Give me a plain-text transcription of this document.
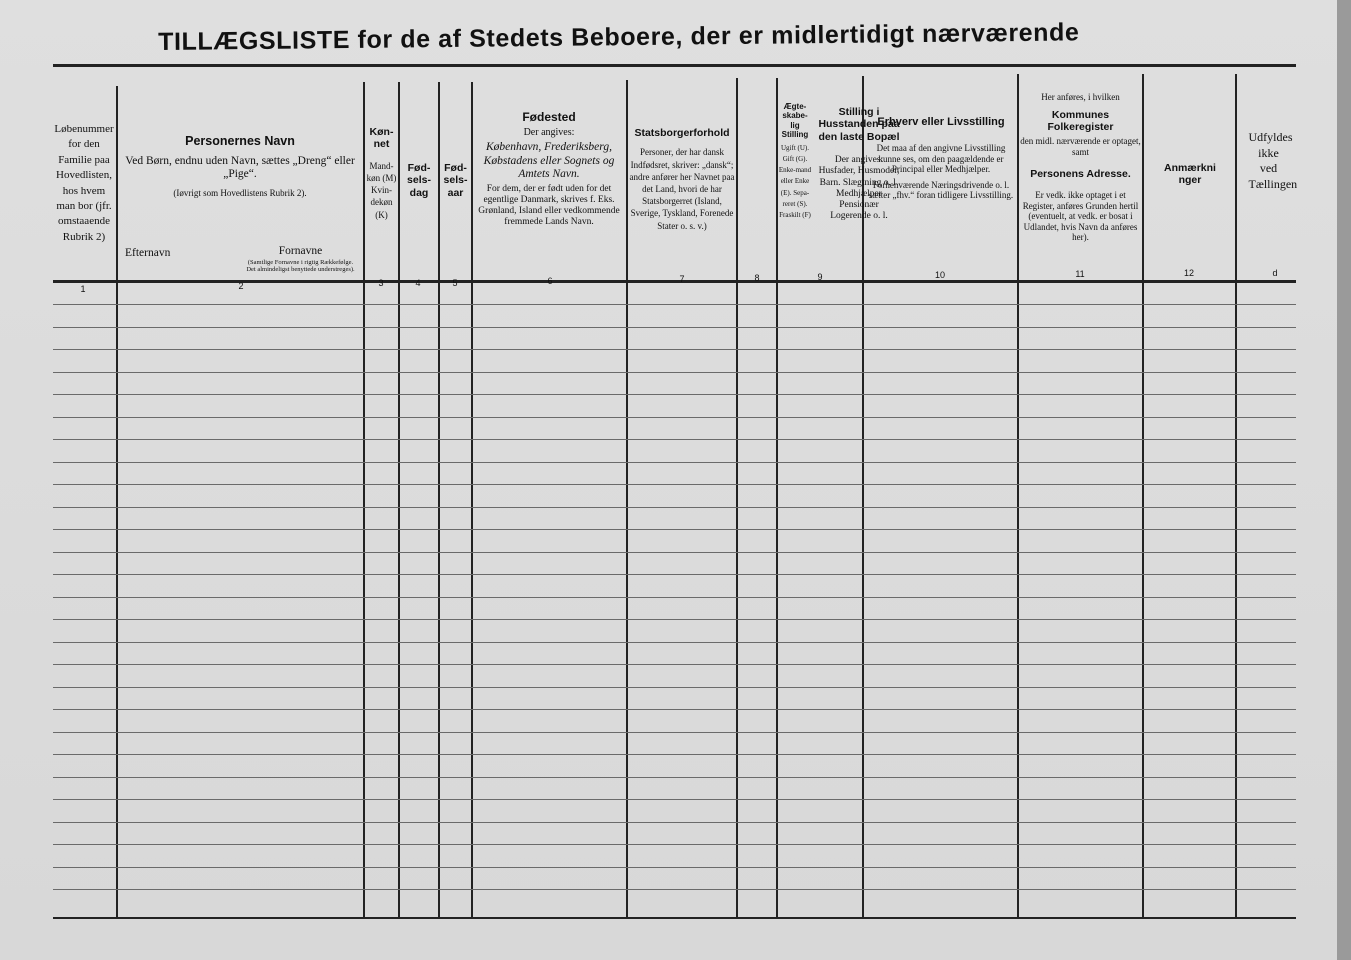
TILLÆGSLISTE for de af Stedets Beboere, der er midlertidigt nærværende
Løbenummer for den Familie paa Hovedlisten, hos hvem man bor (jfr. omstaaende Rubrik 2)
Personernes Navn
Ved Børn, endnu uden Navn, sættes „Dreng“ eller „Pige“.
(Iøvrigt som Hovedlistens Rubrik 2).
Efternavn	Fornavne
(Samtlige Fornavne i rigtig Rækkefølge. Det almindeligst benyttede understreges).
Køn-net
Mand-køn (M) Kvin-dekøn (K)
Fød-sels-dag
Fød-sels-aar
Fødested
Der angives:
København, Frederiksberg, Købstadens eller Sognets og Amtets Navn.
For dem, der er født uden for det egentlige Danmark, skrives f. Eks. Grønland, Island eller vedkommende fremmede Lands Navn.
Statsborgerforhold
Personer, der har dansk Indfødsret, skriver: „dansk“; andre anfører her Navnet paa det Land, hvori de har Statsborgerret (Island, Sverige, Tyskland, Forenede Stater o. s. v.)
Ægte-skabe-lig Stilling
Ugift (U). Gift (G). Enke-mand eller Enke (E). Sepa-reret (S). Fraskilt (F)
Stilling i Husstanden paa den laste Bopæl
Der angives: Husfader, Husmoder, Barn. Slægtning o. l. Medhjælper Pensionær Logerende o. l.
Erhverv eller Livsstilling
Det maa af den angivne Livsstilling kunne ses, om den paagældende er Principal eller Medhjælper.
Forhenværende Næringsdrivende o. l. sætter „fhv.“ foran tidligere Livsstilling.
Her anføres, i hvilken
Kommunes Folkeregister
den midl. nærværende er optaget, samt
Personens Adresse.
Er vedk. ikke optaget i et Register, anføres Grunden hertil (eventuelt, at vedk. er bosat i Udlandet, hvis Navn da anføres her).
Anmærkninger
Udfyldes ikke ved Tællingen
1	2	3	4	5	6	7	8	9	10	11	12	d
